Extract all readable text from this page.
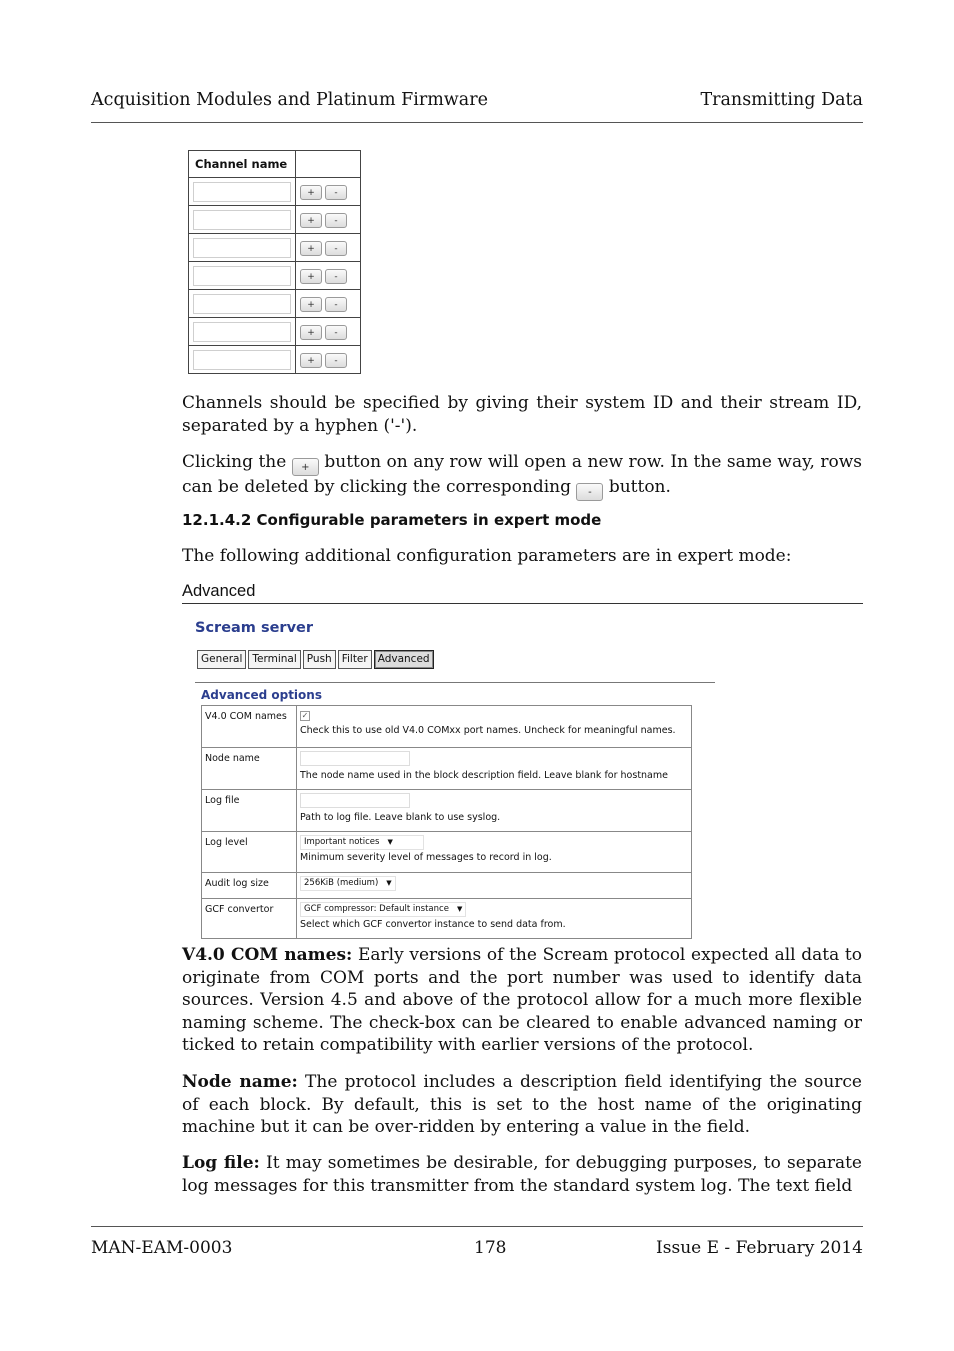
Acquisition Modules and Platinum Firmware	Transmitting Data
Channel name	

	+ -

	+ -

	+ -

	+ -

	+ -

	+ -

	+ -

Channels should be specified by giving their system ID and their stream ID, separated by a hyphen ('-').

Clicking the + button on any row will open a new row. In the same way, rows can be deleted by clicking the corresponding - button.

12.1.4.2 Configurable parameters in expert mode

The following additional configuration parameters are in expert mode:

Advanced
Scream server
General Terminal Push Filter Advanced
Advanced options
V4.0 COM names	✓
Check this to use old V4.0 COMxx port names. Uncheck for meaningful names.

Node name	The node name used in the block description field. Leave blank for hostname

Log file	Path to log file. Leave blank to use syslog.

Log level	Important notices ▼
Minimum severity level of messages to record in log.

Audit log size	256KiB (medium) ▼
GCF convertor	GCF compressor: Default instance ▼
Select which GCF convertor instance to send data from.

V4.0 COM names: Early versions of the Scream protocol expected all data to originate from COM ports and the port number was used to identify data sources. Version 4.5 and above of the protocol allow for a much more flexible naming scheme. The check-box can be cleared to enable advanced naming or ticked to retain compatibility with earlier versions of the protocol.

Node name: The protocol includes a description field identifying the source of each block. By default, this is set to the host name of the originating machine but it can be over-ridden by entering a value in the field.

Log file: It may sometimes be desirable, for debugging purposes, to separate log messages for this transmitter from the standard system log. The text field

MAN-EAM-0003	178	Issue E - February 2014
